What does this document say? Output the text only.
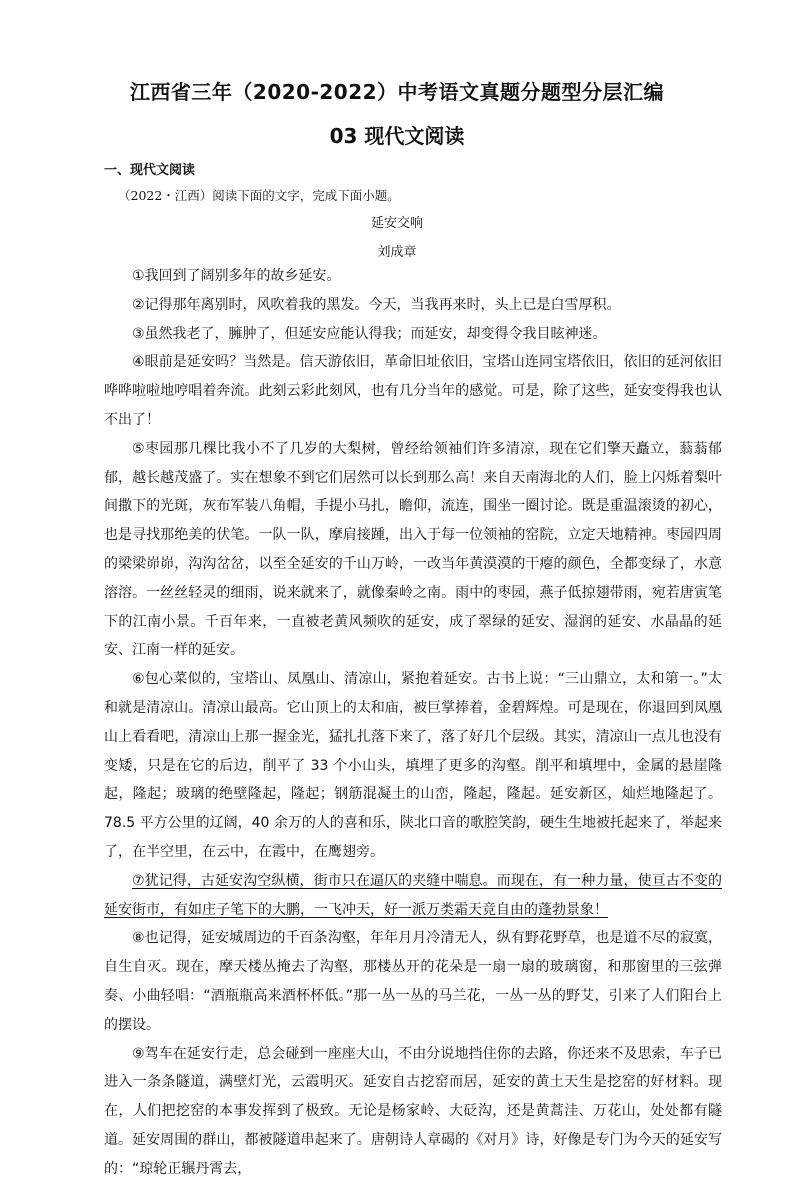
江西省三年（2020-2022）中考语文真题分题型分层汇编
03 现代文阅读
一、现代文阅读
（2022・江西）阅读下面的文字，完成下面小题。
延安交响
刘成章

①我回到了阔别多年的故乡延安。

②记得那年离别时，风吹着我的黑发。今天，当我再来时，头上已是白雪厚积。

③虽然我老了，臃肿了，但延安应能认得我；而延安，却变得令我目眩神迷。

④眼前是延安吗？当然是。信天游依旧，革命旧址依旧，宝塔山连同宝塔依旧，依旧的延河依旧哗哗啦啦地哼唱着奔流。此刻云彩此刻风，也有几分当年的感觉。可是，除了这些，延安变得我也认不出了！

⑤枣园那几棵比我小不了几岁的大梨树，曾经给领袖们许多清凉，现在它们擎天矗立，蓊蓊郁郁，越长越茂盛了。实在想象不到它们居然可以长到那么高！来自天南海北的人们，脸上闪烁着梨叶间撒下的光斑，灰布军装八角帽，手提小马扎，瞻仰，流连，围坐一圈讨论。既是重温滚烫的初心，也是寻找那绝美的伏笔。一队一队，摩肩接踵，出入于每一位领袖的窑院，立定天地精神。枣园四周的梁梁峁峁，沟沟岔岔，以至全延安的千山万岭，一改当年黄漠漠的干瘪的颜色，全都变绿了，水意溶溶。一丝丝轻灵的细雨，说来就来了，就像秦岭之南。雨中的枣园，燕子低掠翅带雨，宛若唐寅笔下的江南小景。千百年来，一直被老黄风频吹的延安，成了翠绿的延安、湿润的延安、水晶晶的延安、江南一样的延安。

⑥包心菜似的，宝塔山、凤凰山、清凉山，紧抱着延安。古书上说：“三山鼎立，太和第一。”太和就是清凉山。清凉山最高。它山顶上的太和庙，被巨掌捧着，金碧辉煌。可是现在，你退回到凤凰山上看看吧，清凉山上那一握金光，猛扎扎落下来了，落了好几个层级。其实，清凉山一点儿也没有变矮，只是在它的后边，削平了 33 个小山头，填埋了更多的沟壑。削平和填埋中，金属的悬崖隆起，隆起；玻璃的绝壁隆起，隆起；钢筋混凝土的山峦，隆起，隆起。延安新区，灿烂地隆起了。78.5 平方公里的辽阔，40 余万的人的喜和乐，陕北口音的歌腔笑韵，硬生生地被托起来了，举起来了，在半空里，在云中，在霞中，在鹰翅旁。

⑦犹记得，古延安沟空纵横，街市只在逼仄的夹缝中喘息。而现在，有一种力量，使亘古不变的延安街市，有如庄子笔下的大鹏，一飞冲天，好一派万类霜天竞自由的蓬勃景象！

⑧也记得，延安城周边的千百条沟壑，年年月月冷清无人，纵有野花野草，也是道不尽的寂寞，自生自灭。现在，摩天楼丛掩去了沟壑，那楼丛开的花朵是一扇一扇的玻璃窗，和那窗里的三弦弹奏、小曲轻唱：“酒瓶瓶高来酒杯杯低。”那一丛一丛的马兰花，一丛一丛的野艾，引来了人们阳台上的摆设。

⑨驾车在延安行走，总会碰到一座座大山，不由分说地挡住你的去路，你还来不及思索，车子已进入一条条隧道，满壁灯光，云霞明灭。延安自古挖窑而居，延安的黄土天生是挖窑的好材料。现在，人们把挖窑的本事发挥到了极致。无论是杨家岭、大砭沟，还是黄蒿洼、万花山，处处都有隧道。延安周围的群山，都被隧道串起来了。唐朝诗人章碣的《对月》诗，好像是专门为今天的延安写的：“琼轮正辗丹霄去，
